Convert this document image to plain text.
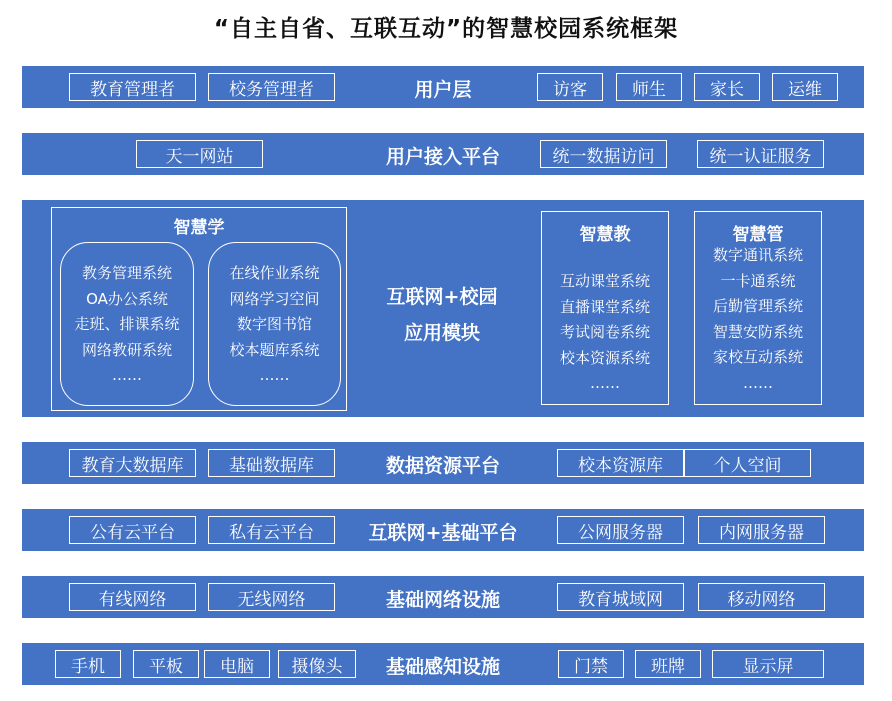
“自主自省、互联互动”的智慧校园系统框架
教育管理者	校务管理者	用户层	访客	师生	家长	运维
天一网站	用户接入平台	统一数据访问	统一认证服务
智慧学
教务管理系统
OA办公系统
走班、排课系统
网络教研系统
……
在线作业系统
网络学习空间
数字图书馆
校本题库系统
……
互联网+校园
应用模块
智慧教
互动课堂系统
直播课堂系统
考试阅卷系统
校本资源系统
……
智慧管
数字通讯系统
一卡通系统
后勤管理系统
智慧安防系统
家校互动系统
……
教育大数据库	基础数据库	数据资源平台	校本资源库	个人空间
公有云平台	私有云平台	互联网+基础平台	公网服务器	内网服务器
有线网络	无线网络	基础网络设施	教育城域网	移动网络
手机	平板	电脑	摄像头	基础感知设施	门禁	班牌	显示屏
